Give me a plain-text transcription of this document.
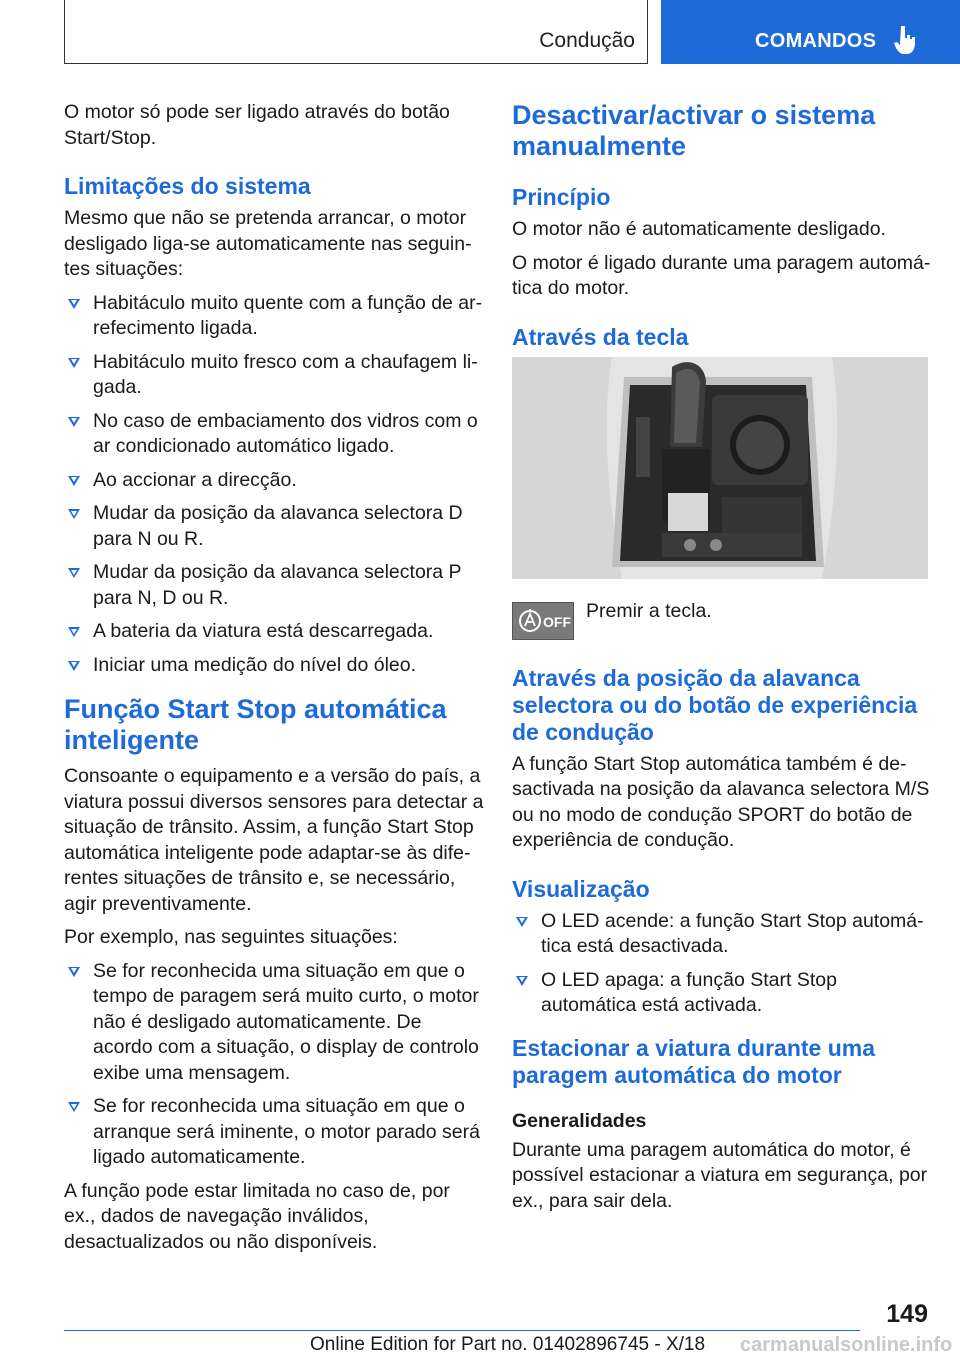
Condução	COMANDOS

O motor só pode ser ligado através do botão Start/Stop.

Limitações do sistema

Mesmo que não se pretenda arrancar, o motor desligado liga-se automaticamente nas seguin-tes situações:

Habitáculo muito quente com a função de ar-refecimento ligada.
Habitáculo muito fresco com a chaufagem li-gada.
No caso de embaciamento dos vidros com o ar condicionado automático ligado.
Ao accionar a direcção.
Mudar da posição da alavanca selectora D para N ou R.
Mudar da posição da alavanca selectora P para N, D ou R.
A bateria da viatura está descarregada.
Iniciar uma medição do nível do óleo.
Função Start Stop automática inteligente

Consoante o equipamento e a versão do país, a viatura possui diversos sensores para detectar a situação de trânsito. Assim, a função Start Stop automática inteligente pode adaptar-se às dife-rentes situações de trânsito e, se necessário, agir preventivamente.

Por exemplo, nas seguintes situações:

Se for reconhecida uma situação em que o tempo de paragem será muito curto, o motor não é desligado automaticamente. De acordo com a situação, o display de controlo exibe uma mensagem.
Se for reconhecida uma situação em que o arranque será iminente, o motor parado será ligado automaticamente.

A função pode estar limitada no caso de, por ex., dados de navegação inválidos, desactualizados ou não disponíveis.

Desactivar/activar o sistema manualmente
Princípio

O motor não é automaticamente desligado.

O motor é ligado durante uma paragem automá-tica do motor.

Através da tecla
OFF Premir a tecla.

Através da posição da alavanca selectora ou do botão de experiência de condução

A função Start Stop automática também é de-sactivada na posição da alavanca selectora M/S ou no modo de condução SPORT do botão de experiência de condução.

Visualização
O LED acende: a função Start Stop automá-tica está desactivada.
O LED apaga: a função Start Stop automática está activada.
Estacionar a viatura durante uma paragem automática do motor
Generalidades

Durante uma paragem automática do motor, é possível estacionar a viatura em segurança, por ex., para sair dela.

149
Online Edition for Part no. 01402896745 - X/18 carmanualsonline.info
